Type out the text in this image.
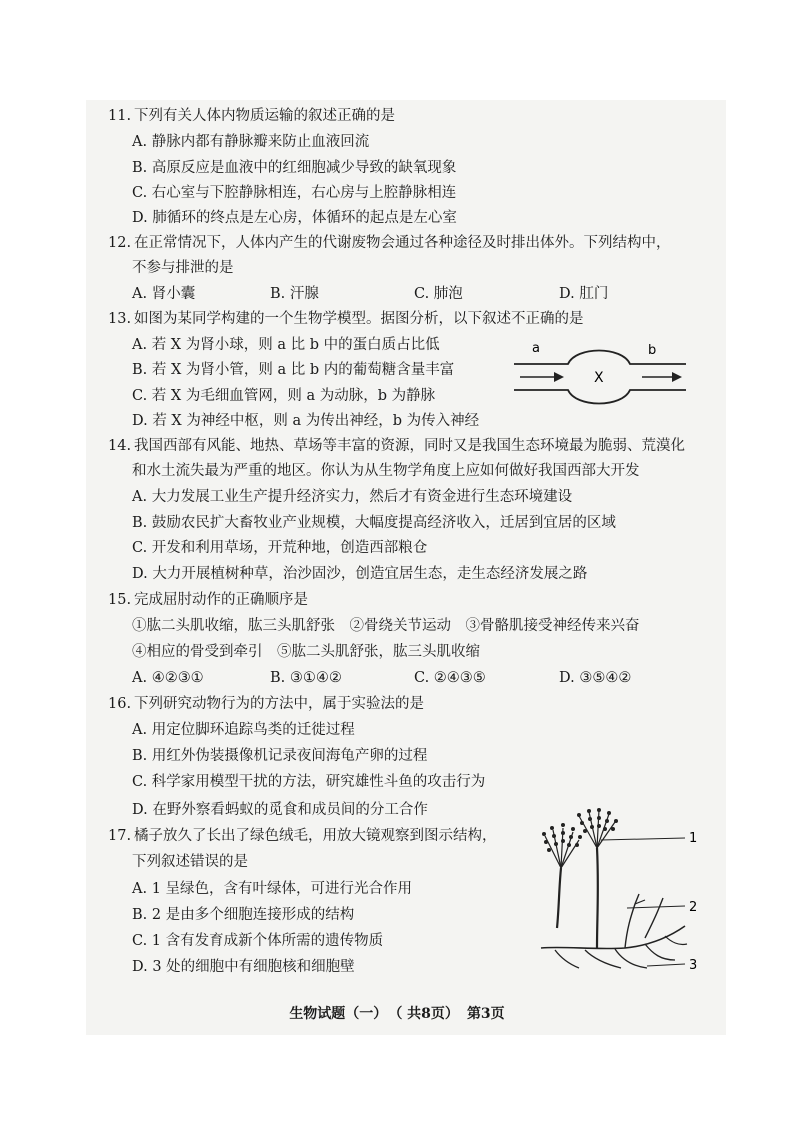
11. 下列有关人体内物质运输的叙述正确的是
A. 静脉内都有静脉瓣来防止血液回流
B. 高原反应是血液中的红细胞减少导致的缺氧现象
C. 右心室与下腔静脉相连，右心房与上腔静脉相连
D. 肺循环的终点是左心房，体循环的起点是左心室
12. 在正常情况下，人体内产生的代谢废物会通过各种途径及时排出体外。下列结构中，
不参与排泄的是
A. 肾小囊	B. 汗腺	C. 肺泡	D. 肛门
13. 如图为某同学构建的一个生物学模型。据图分析，以下叙述不正确的是
A. 若 X 为肾小球，则 a 比 b 中的蛋白质占比低
B. 若 X 为肾小管，则 a 比 b 内的葡萄糖含量丰富
C. 若 X 为毛细血管网，则 a 为动脉，b 为静脉
D. 若 X 为神经中枢，则 a 为传出神经，b 为传入神经
a	b
X
14. 我国西部有风能、地热、草场等丰富的资源，同时又是我国生态环境最为脆弱、荒漠化
和水土流失最为严重的地区。你认为从生物学角度上应如何做好我国西部大开发
A. 大力发展工业生产提升经济实力，然后才有资金进行生态环境建设
B. 鼓励农民扩大畜牧业产业规模，大幅度提高经济收入，迁居到宜居的区域
C. 开发和利用草场，开荒种地，创造西部粮仓
D. 大力开展植树种草，治沙固沙，创造宜居生态，走生态经济发展之路
15. 完成屈肘动作的正确顺序是
①肱二头肌收缩，肱三头肌舒张　②骨绕关节运动　③骨骼肌接受神经传来兴奋
④相应的骨受到牵引　⑤肱二头肌舒张，肱三头肌收缩
A. ④②③①	B. ③①④②	C. ②④③⑤	D. ③⑤④②
16. 下列研究动物行为的方法中，属于实验法的是
A. 用定位脚环追踪鸟类的迁徙过程
B. 用红外伪装摄像机记录夜间海龟产卵的过程
C. 科学家用模型干扰的方法，研究雄性斗鱼的攻击行为
D. 在野外察看蚂蚁的觅食和成员间的分工合作
17. 橘子放久了长出了绿色绒毛，用放大镜观察到图示结构，
下列叙述错误的是
A. 1 呈绿色，含有叶绿体，可进行光合作用
B. 2 是由多个细胞连接形成的结构
C. 1 含有发育成新个体所需的遗传物质
D. 3 处的细胞中有细胞核和细胞壁
1
2
3
生物试题（一） （ 共8页） 第3页
